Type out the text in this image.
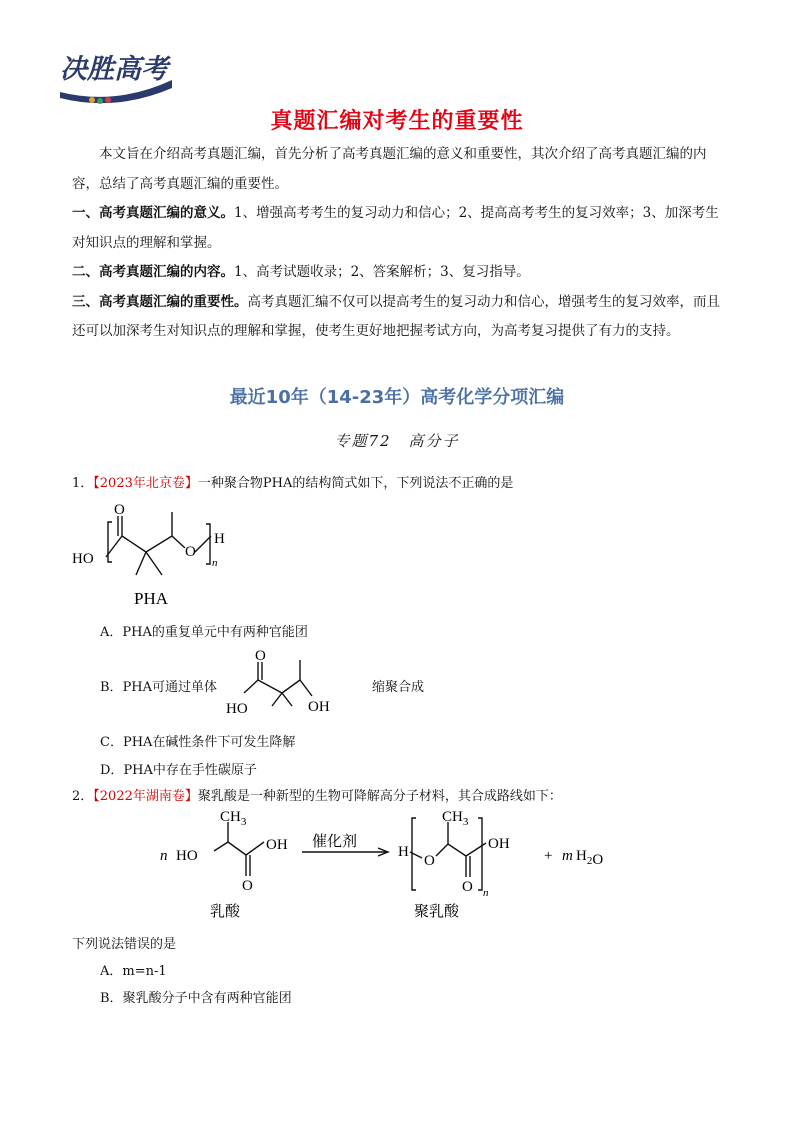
决胜高考
真题汇编对考生的重要性

本文旨在介绍高考真题汇编，首先分析了高考真题汇编的意义和重要性，其次介绍了高考真题汇编的内容，总结了高考真题汇编的重要性。

一、高考真题汇编的意义。1、增强高考考生的复习动力和信心；2、提高高考考生的复习效率；3、加深考生对知识点的理解和掌握。

二、高考真题汇编的内容。1、高考试题收录；2、答案解析；3、复习指导。

三、高考真题汇编的重要性。高考真题汇编不仅可以提高考生的复习动力和信心，增强考生的复习效率，而且还可以加深考生对知识点的理解和掌握，使考生更好地把握考试方向，为高考复习提供了有力的支持。

最近10年（14-23年）高考化学分项汇编
专题72　高分子
1．【2023年北京卷】一种聚合物PHA的结构简式如下，下列说法不正确的是
O
HO	O
H
n
PHA
A．PHA的重复单元中有两种官能团
B．PHA可通过单体
O
HO	OH
缩聚合成
C．PHA在碱性条件下可发生降解
D．PHA中存在手性碳原子
2．【2022年湖南卷】聚乳酸是一种新型的生物可降解高分子材料，其合成路线如下：
n HO
$CH_3$
OH
O
催化剂
H
O
$CH_3$
OH
O n
+ m $H_2O$
乳酸	聚乳酸
下列说法错误的是
A．m=n-1
B．聚乳酸分子中含有两种官能团
